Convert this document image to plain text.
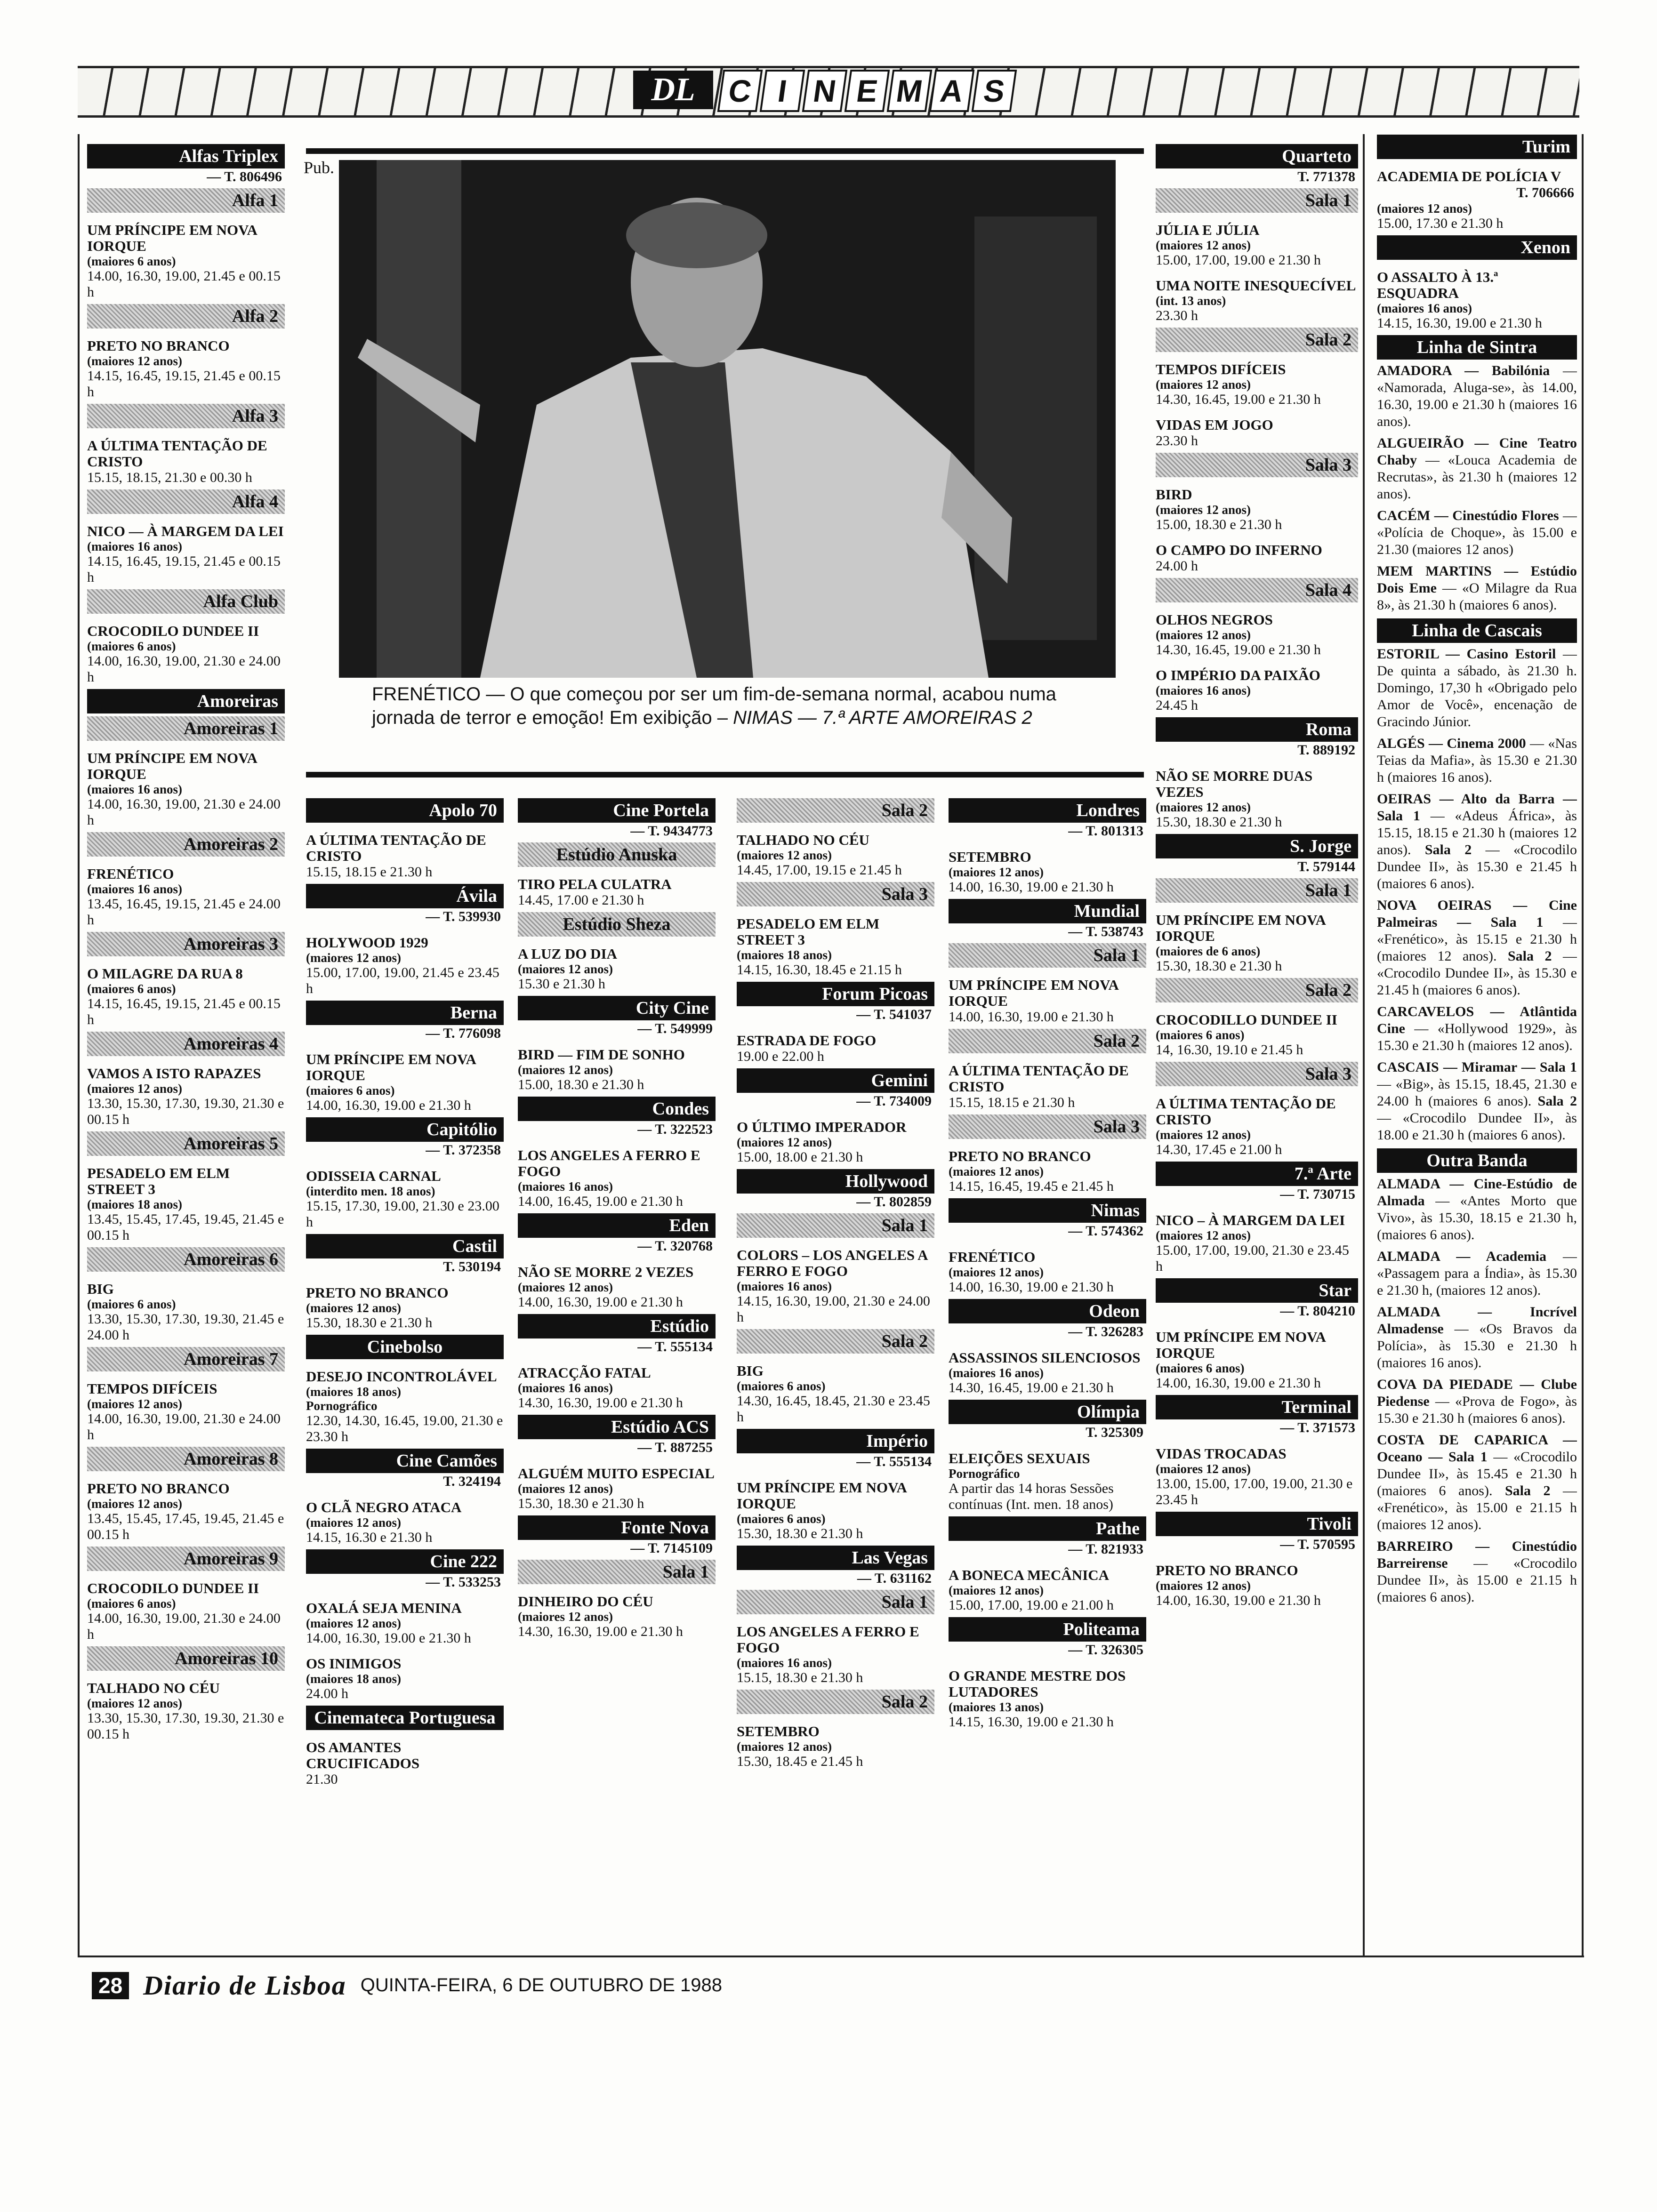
DL	C I N E M A S
Pub.
FRENÉTICO — O que começou por ser um fim-de-semana normal, acabou numa jornada de terror e emoção! Em exibição – NIMAS — 7.ª ARTE AMOREIRAS 2
Alfas Triplex
— T. 806496
Alfa 1
UM PRÍNCIPE EM NOVA IORQUE
(maiores 6 anos)
14.00, 16.30, 19.00, 21.45 e 00.15 h
Alfa 2
PRETO NO BRANCO
(maiores 12 anos)
14.15, 16.45, 19.15, 21.45 e 00.15 h
Alfa 3
A ÚLTIMA TENTAÇÃO DE CRISTO
15.15, 18.15, 21.30 e 00.30 h
Alfa 4
NICO — À MARGEM DA LEI
(maiores 16 anos)
14.15, 16.45, 19.15, 21.45 e 00.15 h
Alfa Club
CROCODILO DUNDEE II
(maiores 6 anos)
14.00, 16.30, 19.00, 21.30 e 24.00 h
Amoreiras
Amoreiras 1
UM PRÍNCIPE EM NOVA IORQUE
(maiores 16 anos)
14.00, 16.30, 19.00, 21.30 e 24.00 h
Amoreiras 2
FRENÉTICO
(maiores 16 anos)
13.45, 16.45, 19.15, 21.45 e 24.00 h
Amoreiras 3
O MILAGRE DA RUA 8
(maiores 6 anos)
14.15, 16.45, 19.15, 21.45 e 00.15 h
Amoreiras 4
VAMOS A ISTO RAPAZES
(maiores 12 anos)
13.30, 15.30, 17.30, 19.30, 21.30 e 00.15 h
Amoreiras 5
PESADELO EM ELM STREET 3
(maiores 18 anos)
13.45, 15.45, 17.45, 19.45, 21.45 e 00.15 h
Amoreiras 6
BIG
(maiores 6 anos)
13.30, 15.30, 17.30, 19.30, 21.45 e 24.00 h
Amoreiras 7
TEMPOS DIFÍCEIS
(maiores 12 anos)
14.00, 16.30, 19.00, 21.30 e 24.00 h
Amoreiras 8
PRETO NO BRANCO
(maiores 12 anos)
13.45, 15.45, 17.45, 19.45, 21.45 e 00.15 h
Amoreiras 9
CROCODILO DUNDEE II
(maiores 6 anos)
14.00, 16.30, 19.00, 21.30 e 24.00 h
Amoreiras 10
TALHADO NO CÉU
(maiores 12 anos)
13.30, 15.30, 17.30, 19.30, 21.30 e 00.15 h
Apolo 70
A ÚLTIMA TENTAÇÃO DE CRISTO
15.15, 18.15 e 21.30 h
Ávila
— T. 539930
HOLYWOOD 1929
(maiores 12 anos)
15.00, 17.00, 19.00, 21.45 e 23.45 h
Berna
— T. 776098
UM PRÍNCIPE EM NOVA IORQUE
(maiores 6 anos)
14.00, 16.30, 19.00 e 21.30 h
Capitólio
— T. 372358
ODISSEIA CARNAL
(interdito men. 18 anos)
15.15, 17.30, 19.00, 21.30 e 23.00 h
Castil
T. 530194
PRETO NO BRANCO
(maiores 12 anos)
15.30, 18.30 e 21.30 h
Cinebolso
DESEJO INCONTROLÁVEL
(maiores 18 anos)
Pornográfico
12.30, 14.30, 16.45, 19.00, 21.30 e 23.30 h
Cine Camões
T. 324194
O CLÃ NEGRO ATACA
(maiores 12 anos)
14.15, 16.30 e 21.30 h
Cine 222
— T. 533253
OXALÁ SEJA MENINA
(maiores 12 anos)
14.00, 16.30, 19.00 e 21.30 h
OS INIMIGOS
(maiores 18 anos)
24.00 h
Cinemateca Portuguesa
OS AMANTES CRUCIFICADOS
21.30
Cine Portela
— T. 9434773
Estúdio Anuska
TIRO PELA CULATRA
14.45, 17.00 e 21.30 h
Estúdio Sheza
A LUZ DO DIA
(maiores 12 anos)
15.30 e 21.30 h
City Cine
— T. 549999
BIRD — FIM DE SONHO
(maiores 12 anos)
15.00, 18.30 e 21.30 h
Condes
— T. 322523
LOS ANGELES A FERRO E FOGO
(maiores 16 anos)
14.00, 16.45, 19.00 e 21.30 h
Eden
— T. 320768
NÃO SE MORRE 2 VEZES
(maiores 12 anos)
14.00, 16.30, 19.00 e 21.30 h
Estúdio
— T. 555134
ATRACÇÃO FATAL
(maiores 16 anos)
14.30, 16.30, 19.00 e 21.30 h
Estúdio ACS
— T. 887255
ALGUÉM MUITO ESPECIAL
(maiores 12 anos)
15.30, 18.30 e 21.30 h
Fonte Nova
— T. 7145109
Sala 1
DINHEIRO DO CÉU
(maiores 12 anos)
14.30, 16.30, 19.00 e 21.30 h
Sala 2
TALHADO NO CÉU
(maiores 12 anos)
14.45, 17.00, 19.15 e 21.45 h
Sala 3
PESADELO EM ELM STREET 3
(maiores 18 anos)
14.15, 16.30, 18.45 e 21.15 h
Forum Picoas
— T. 541037
ESTRADA DE FOGO
19.00 e 22.00 h
Gemini
— T. 734009
O ÚLTIMO IMPERADOR
(maiores 12 anos)
15.00, 18.00 e 21.30 h
Hollywood
— T. 802859
Sala 1
COLORS – LOS ANGELES A FERRO E FOGO
(maiores 16 anos)
14.15, 16.30, 19.00, 21.30 e 24.00 h
Sala 2
BIG
(maiores 6 anos)
14.30, 16.45, 18.45, 21.30 e 23.45 h
Império
— T. 555134
UM PRÍNCIPE EM NOVA IORQUE
(maiores 6 anos)
15.30, 18.30 e 21.30 h
Las Vegas
— T. 631162
Sala 1
LOS ANGELES A FERRO E FOGO
(maiores 16 anos)
15.15, 18.30 e 21.30 h
Sala 2
SETEMBRO
(maiores 12 anos)
15.30, 18.45 e 21.45 h
Londres
— T. 801313
SETEMBRO
(maiores 12 anos)
14.00, 16.30, 19.00 e 21.30 h
Mundial
— T. 538743
Sala 1
UM PRÍNCIPE EM NOVA IORQUE
14.00, 16.30, 19.00 e 21.30 h
Sala 2
A ÚLTIMA TENTAÇÃO DE CRISTO
15.15, 18.15 e 21.30 h
Sala 3
PRETO NO BRANCO
(maiores 12 anos)
14.15, 16.45, 19.45 e 21.45 h
Nimas
— T. 574362
FRENÉTICO
(maiores 12 anos)
14.00, 16.30, 19.00 e 21.30 h
Odeon
— T. 326283
ASSASSINOS SILENCIOSOS
(maiores 16 anos)
14.30, 16.45, 19.00 e 21.30 h
Olímpia
T. 325309
ELEIÇÕES SEXUAIS
Pornográfico
A partir das 14 horas Sessões contínuas (Int. men. 18 anos)
Pathe
— T. 821933
A BONECA MECÂNICA
(maiores 12 anos)
15.00, 17.00, 19.00 e 21.00 h
Politeama
— T. 326305
O GRANDE MESTRE DOS LUTADORES
(maiores 13 anos)
14.15, 16.30, 19.00 e 21.30 h
Quarteto
T. 771378
Sala 1
JÚLIA E JÚLIA
(maiores 12 anos)
15.00, 17.00, 19.00 e 21.30 h
UMA NOITE INESQUECÍVEL
(int. 13 anos)
23.30 h
Sala 2
TEMPOS DIFÍCEIS
(maiores 12 anos)
14.30, 16.45, 19.00 e 21.30 h
VIDAS EM JOGO
23.30 h
Sala 3
BIRD
(maiores 12 anos)
15.00, 18.30 e 21.30 h
O CAMPO DO INFERNO
24.00 h
Sala 4
OLHOS NEGROS
(maiores 12 anos)
14.30, 16.45, 19.00 e 21.30 h
O IMPÉRIO DA PAIXÃO
(maiores 16 anos)
24.45 h
Roma
T. 889192
NÃO SE MORRE DUAS VEZES
(maiores 12 anos)
15.30, 18.30 e 21.30 h
S. Jorge
T. 579144
Sala 1
UM PRÍNCIPE EM NOVA IORQUE
(maiores de 6 anos)
15.30, 18.30 e 21.30 h
Sala 2
CROCODILLO DUNDEE II
(maiores 6 anos)
14, 16.30, 19.10 e 21.45 h
Sala 3
A ÚLTIMA TENTAÇÃO DE CRISTO
(maiores 12 anos)
14.30, 17.45 e 21.00 h
7.ª Arte
— T. 730715
NICO – À MARGEM DA LEI
(maiores 12 anos)
15.00, 17.00, 19.00, 21.30 e 23.45 h
Star
— T. 804210
UM PRÍNCIPE EM NOVA IORQUE
(maiores 6 anos)
14.00, 16.30, 19.00 e 21.30 h
Terminal
— T. 371573
VIDAS TROCADAS
(maiores 12 anos)
13.00, 15.00, 17.00, 19.00, 21.30 e 23.45 h
Tivoli
— T. 570595
PRETO NO BRANCO
(maiores 12 anos)
14.00, 16.30, 19.00 e 21.30 h
Turim
ACADEMIA DE POLÍCIA V
T. 706666
(maiores 12 anos)
15.00, 17.30 e 21.30 h
Xenon
O ASSALTO À 13.ª ESQUADRA
(maiores 16 anos)
14.15, 16.30, 19.00 e 21.30 h
Linha de Sintra
AMADORA — Babilónia — «Namorada, Aluga-se», às 14.00, 16.30, 19.00 e 21.30 h (maiores 16 anos).
ALGUEIRÃO — Cine Teatro Chaby — «Louca Academia de Recrutas», às 21.30 h (maiores 12 anos).
CACÉM — Cinestúdio Flores — «Polícia de Choque», às 15.00 e 21.30 (maiores 12 anos)
MEM MARTINS — Estúdio Dois Eme — «O Milagre da Rua 8», às 21.30 h (maiores 6 anos).
Linha de Cascais
ESTORIL — Casino Estoril — De quinta a sábado, às 21.30 h. Domingo, 17,30 h «Obrigado pelo Amor de Você», encenação de Gracindo Júnior.
ALGÉS — Cinema 2000 — «Nas Teias da Mafia», às 15.30 e 21.30 h (maiores 16 anos).
OEIRAS — Alto da Barra — Sala 1 — «Adeus África», às 15.15, 18.15 e 21.30 h (maiores 12 anos). Sala 2 — «Crocodilo Dundee II», às 15.30 e 21.45 h (maiores 6 anos).
NOVA OEIRAS — Cine Palmeiras — Sala 1 — «Frenético», às 15.15 e 21.30 h (maiores 12 anos). Sala 2 — «Crocodilo Dundee II», às 15.30 e 21.45 h (maiores 6 anos).
CARCAVELOS — Atlântida Cine — «Hollywood 1929», às 15.30 e 21.30 h (maiores 12 anos).
CASCAIS — Miramar — Sala 1 — «Big», às 15.15, 18.45, 21.30 e 24.00 h (maiores 6 anos). Sala 2 — «Crocodilo Dundee II», às 18.00 e 21.30 h (maiores 6 anos).
Outra Banda
ALMADA — Cine-Estúdio de Almada — «Antes Morto que Vivo», às 15.30, 18.15 e 21.30 h, (maiores 6 anos).
ALMADA — Academia — «Passagem para a Índia», às 15.30 e 21.30 h, (maiores 12 anos).
ALMADA — Incrível Almadense — «Os Bravos da Polícia», às 15.30 e 21.30 h (maiores 16 anos).
COVA DA PIEDADE — Clube Piedense — «Prova de Fogo», às 15.30 e 21.30 h (maiores 6 anos).
COSTA DE CAPARICA — Oceano — Sala 1 — «Crocodilo Dundee II», às 15.45 e 21.30 h (maiores 6 anos). Sala 2 — «Frenético», às 15.00 e 21.15 h (maiores 12 anos).
BARREIRO — Cinestúdio Barreirense — «Crocodilo Dundee II», às 15.00 e 21.15 h (maiores 6 anos).
28 Diario de Lisboa QUINTA-FEIRA, 6 DE OUTUBRO DE 1988
